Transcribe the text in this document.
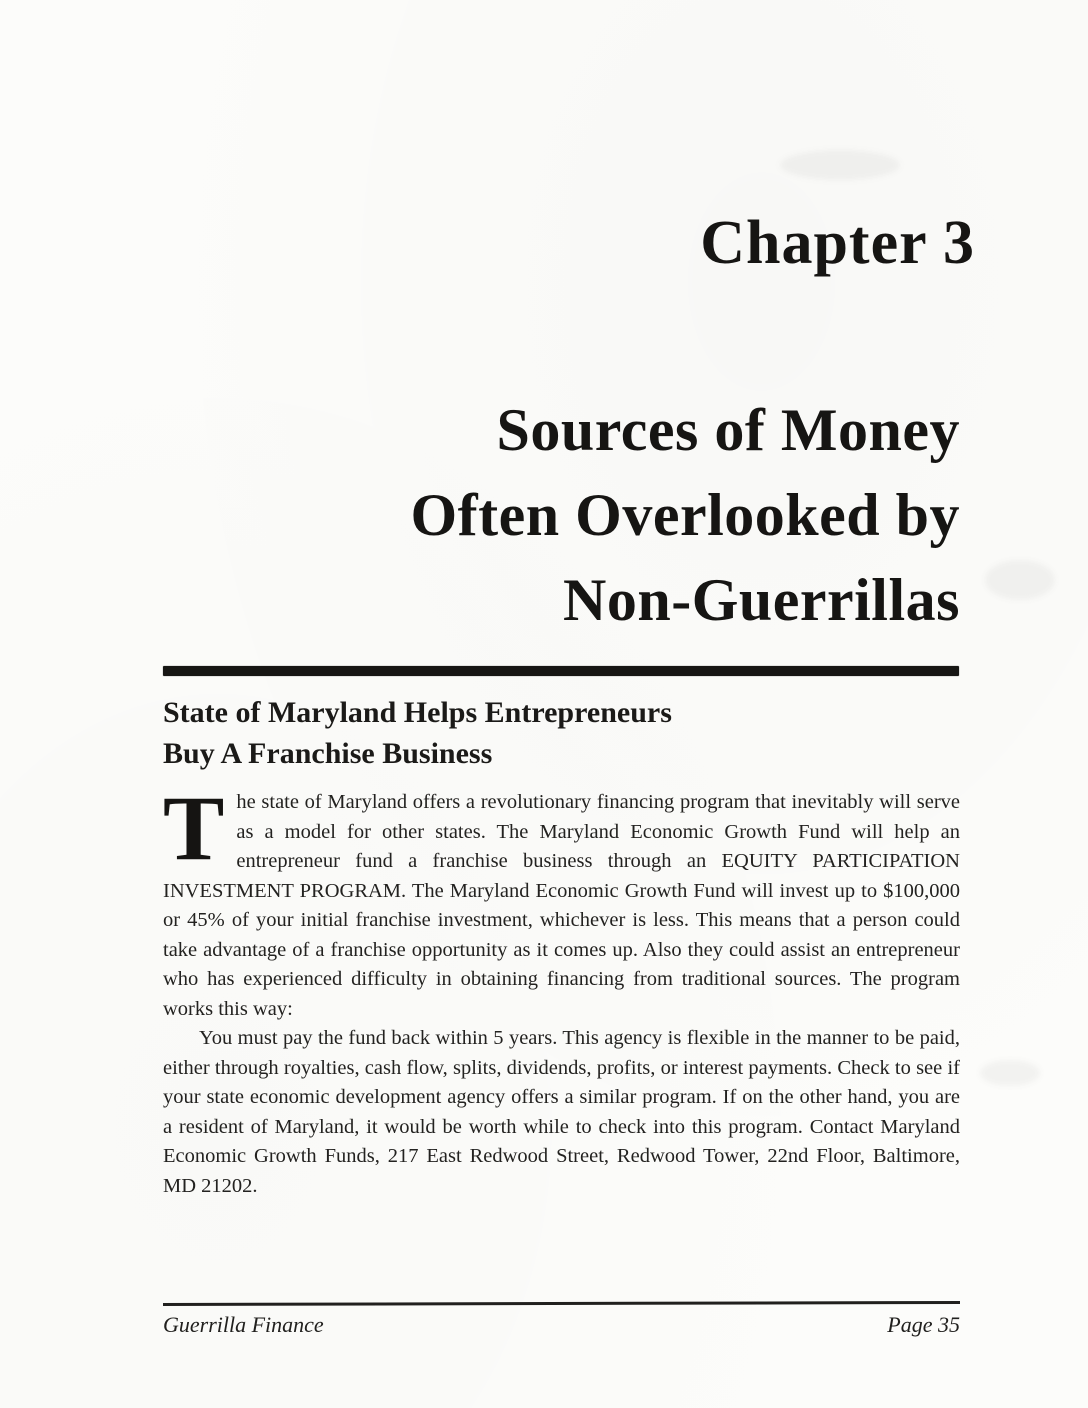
Chapter 3
Sources of Money
Often Overlooked by
Non-Guerrillas
State of Maryland Helps Entrepreneurs
Buy A Franchise Business

T he state of Maryland offers a revolutionary financing program that inevitably will serve as a model for other states. The Maryland Economic Growth Fund will help an entrepreneur fund a franchise business through an EQUITY PARTICIPATION INVESTMENT PROGRAM. The Maryland Economic Growth Fund will invest up to $100,000 or 45% of your initial franchise investment, whichever is less. This means that a person could take advantage of a franchise opportunity as it comes up. Also they could assist an entrepreneur who has experienced difficulty in obtaining financing from traditional sources. The program works this way:

You must pay the fund back within 5 years. This agency is flexible in the manner to be paid, either through royalties, cash flow, splits, dividends, profits, or interest payments. Check to see if your state economic development agency offers a similar program. If on the other hand, you are a resident of Maryland, it would be worth while to check into this program. Contact Maryland Economic Growth Funds, 217 East Redwood Street, Redwood Tower, 22nd Floor, Baltimore, MD 21202.

Guerrilla Finance	Page 35
